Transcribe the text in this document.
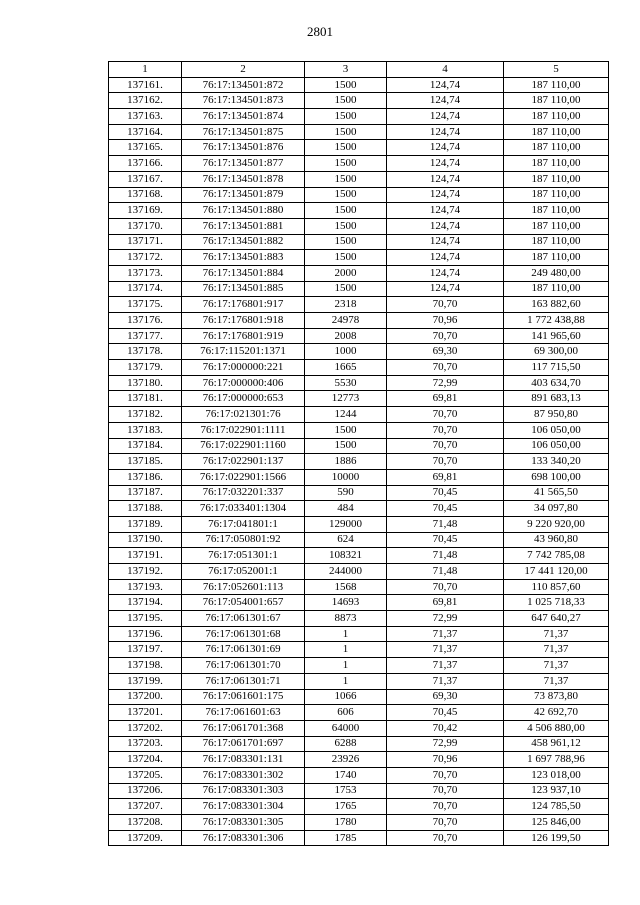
2801
1	2	3	4	5
137161.	76:17:134501:872	1500	124,74	187 110,00
137162.	76:17:134501:873	1500	124,74	187 110,00
137163.	76:17:134501:874	1500	124,74	187 110,00
137164.	76:17:134501:875	1500	124,74	187 110,00
137165.	76:17:134501:876	1500	124,74	187 110,00
137166.	76:17:134501:877	1500	124,74	187 110,00
137167.	76:17:134501:878	1500	124,74	187 110,00
137168.	76:17:134501:879	1500	124,74	187 110,00
137169.	76:17:134501:880	1500	124,74	187 110,00
137170.	76:17:134501:881	1500	124,74	187 110,00
137171.	76:17:134501:882	1500	124,74	187 110,00
137172.	76:17:134501:883	1500	124,74	187 110,00
137173.	76:17:134501:884	2000	124,74	249 480,00
137174.	76:17:134501:885	1500	124,74	187 110,00
137175.	76:17:176801:917	2318	70,70	163 882,60
137176.	76:17:176801:918	24978	70,96	1 772 438,88
137177.	76:17:176801:919	2008	70,70	141 965,60
137178.	76:17:115201:1371	1000	69,30	69 300,00
137179.	76:17:000000:221	1665	70,70	117 715,50
137180.	76:17:000000:406	5530	72,99	403 634,70
137181.	76:17:000000:653	12773	69,81	891 683,13
137182.	76:17:021301:76	1244	70,70	87 950,80
137183.	76:17:022901:1111	1500	70,70	106 050,00
137184.	76:17:022901:1160	1500	70,70	106 050,00
137185.	76:17:022901:137	1886	70,70	133 340,20
137186.	76:17:022901:1566	10000	69,81	698 100,00
137187.	76:17:032201:337	590	70,45	41 565,50
137188.	76:17:033401:1304	484	70,45	34 097,80
137189.	76:17:041801:1	129000	71,48	9 220 920,00
137190.	76:17:050801:92	624	70,45	43 960,80
137191.	76:17:051301:1	108321	71,48	7 742 785,08
137192.	76:17:052001:1	244000	71,48	17 441 120,00
137193.	76:17:052601:113	1568	70,70	110 857,60
137194.	76:17:054001:657	14693	69,81	1 025 718,33
137195.	76:17:061301:67	8873	72,99	647 640,27
137196.	76:17:061301:68	1	71,37	71,37
137197.	76:17:061301:69	1	71,37	71,37
137198.	76:17:061301:70	1	71,37	71,37
137199.	76:17:061301:71	1	71,37	71,37
137200.	76:17:061601:175	1066	69,30	73 873,80
137201.	76:17:061601:63	606	70,45	42 692,70
137202.	76:17:061701:368	64000	70,42	4 506 880,00
137203.	76:17:061701:697	6288	72,99	458 961,12
137204.	76:17:083301:131	23926	70,96	1 697 788,96
137205.	76:17:083301:302	1740	70,70	123 018,00
137206.	76:17:083301:303	1753	70,70	123 937,10
137207.	76:17:083301:304	1765	70,70	124 785,50
137208.	76:17:083301:305	1780	70,70	125 846,00
137209.	76:17:083301:306	1785	70,70	126 199,50
